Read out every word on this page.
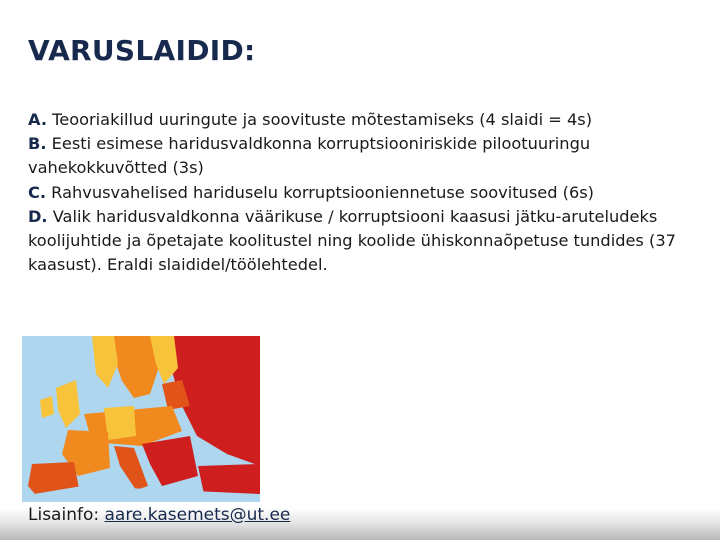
VARUSLAIDID:

A. Teooriakillud uuringute ja soovituste mõtestamiseks (4 slaidi = 4s)

B. Eesti esimese haridusvaldkonna korruptsiooniriskide pilootuuringu vahekokkuvõtted (3s)

C. Rahvusvahelised hariduselu korruptsiooniennetuse soovitused (6s)

D. Valik haridusvaldkonna väärikuse / korruptsiooni kaasusi jätku-aruteludeks koolijuhtide ja õpetajate koolitustel ning koolide ühiskonnaõpetuse tundides (37 kaasust). Eraldi slaididel/töölehtedel.

Lisainfo: aare.kasemets@ut.ee
